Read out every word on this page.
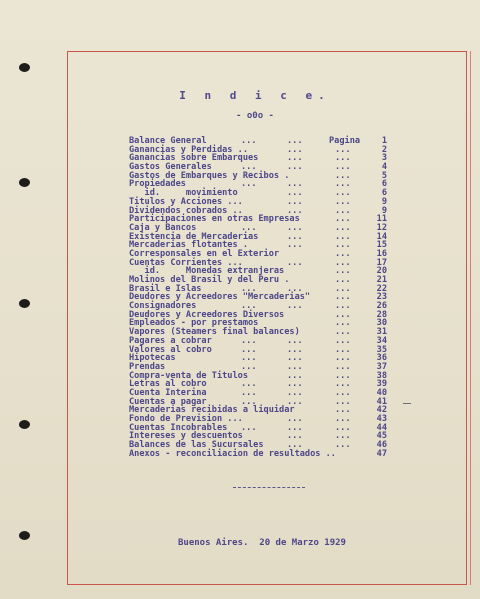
I n d i c e.
- o0o -
Balance General	...	...	Pagina	1
Ganancias y Perdidas ..	...	...	2
Ganancias sobre Embarques	...	...	3
Gastos Generales	...	...	...	4
Gastos de Embarques y Recibos .	...	5
Propiedades	...	...	...	6
id.     movimiento	...	...	6
Titulos y Acciones ...	...	...	9
Dividendos cobrados ..	...	...	9
Participaciones en otras Empresas	...	11
Caja y Bancos	...	...	...	12
Existencia de Mercaderias	...	...	14
Mercaderias flotantes .	...	...	15
Corresponsales en el Exterior	...	16
Cuentas Corrientes ...	...	...	17
id.     Monedas extranjeras	...	20
Molinos del Brasil y del Peru .	...	21
Brasil e Islas	...	...	...	22
Deudores y Acreedores "Mercaderias"	...	23
Consignadores	...	...	...	26
Deudores y Acreedores Diversos	...	28
Empleados - por prestamos	...	30
Vapores (Steamers final balances)	...	31
Pagares a cobrar	...	...	...	34
Valores al cobro	...	...	...	35
Hipotecas	...	...	...	36
Prendas	...	...	...	37
Compra-venta de Titulos	...	...	38
Letras al cobro	...	...	...	39
Cuenta Interina	...	...	...	40
Cuentas a pagar	...	...	...	41
Mercaderias recibidas a liquidar	...	42
Fondo de Prevision ...	...	...	43
Cuentas Incobrables ...	...	...	44
Intereses y descuentos	...	...	45
Balances de las Sucursales	...	...	46
Anexos - reconciliacion de resultados ..	47
Buenos Aires.  20 de Marzo 1929
